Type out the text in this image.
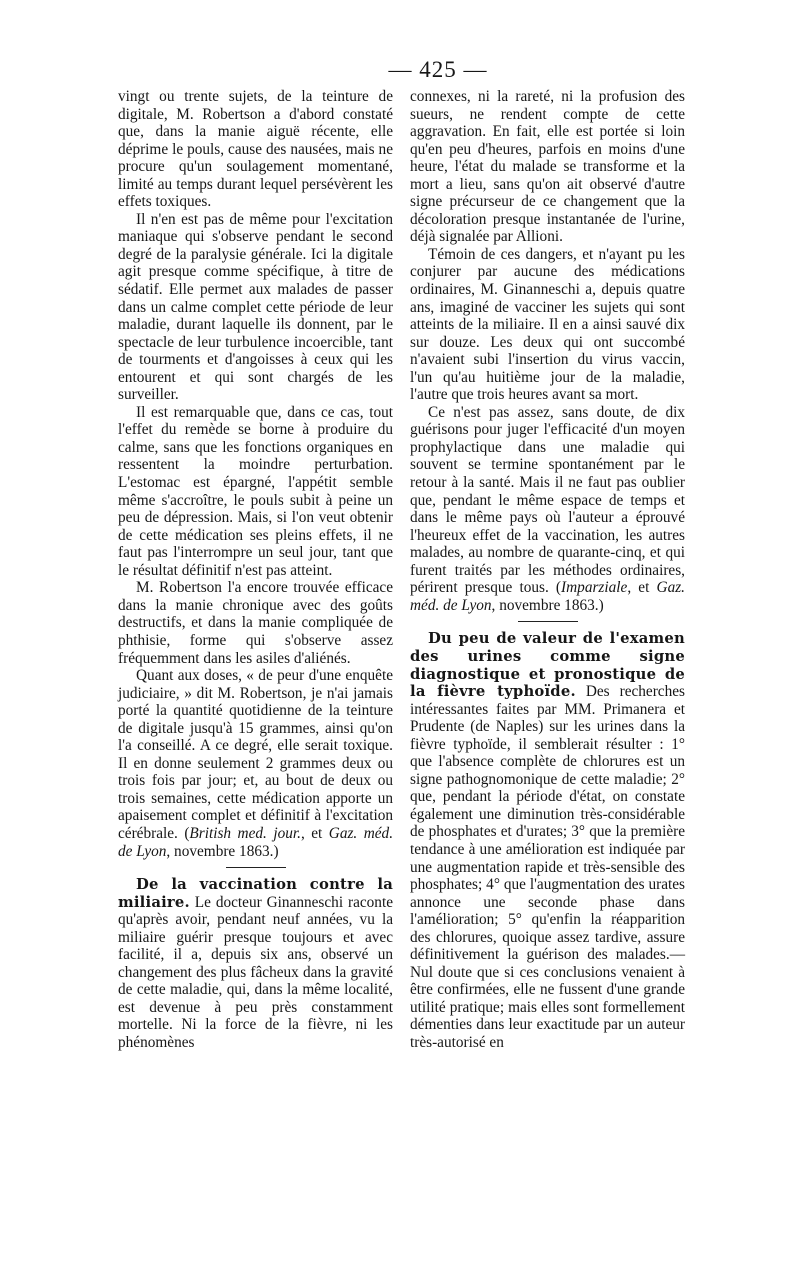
— 425 —

vingt ou trente sujets, de la teinture de digitale, M. Robertson a d'abord constaté que, dans la manie aiguë récente, elle déprime le pouls, cause des nausées, mais ne procure qu'un soulagement momentané, limité au temps durant lequel persévèrent les effets toxiques.

Il n'en est pas de même pour l'excitation maniaque qui s'observe pendant le second degré de la paralysie générale. Ici la digitale agit presque comme spécifique, à titre de sédatif. Elle permet aux malades de passer dans un calme complet cette période de leur maladie, durant laquelle ils donnent, par le spectacle de leur turbulence incoercible, tant de tourments et d'angoisses à ceux qui les entourent et qui sont chargés de les surveiller.

Il est remarquable que, dans ce cas, tout l'effet du remède se borne à produire du calme, sans que les fonctions organiques en ressentent la moindre perturbation. L'estomac est épargné, l'appétit semble même s'accroître, le pouls subit à peine un peu de dépression. Mais, si l'on veut obtenir de cette médication ses pleins effets, il ne faut pas l'interrompre un seul jour, tant que le résultat définitif n'est pas atteint.

M. Robertson l'a encore trouvée efficace dans la manie chronique avec des goûts destructifs, et dans la manie compliquée de phthisie, forme qui s'observe assez fréquemment dans les asiles d'aliénés.

Quant aux doses, « de peur d'une enquête judiciaire, » dit M. Robertson, je n'ai jamais porté la quantité quotidienne de la teinture de digitale jusqu'à 15 grammes, ainsi qu'on l'a conseillé. A ce degré, elle serait toxique. Il en donne seulement 2 grammes deux ou trois fois par jour; et, au bout de deux ou trois semaines, cette médication apporte un apaisement complet et définitif à l'excitation cérébrale. (British med. jour., et Gaz. méd. de Lyon, novembre 1863.)

De la vaccination contre la miliaire. Le docteur Ginanneschi raconte qu'après avoir, pendant neuf années, vu la miliaire guérir presque toujours et avec facilité, il a, depuis six ans, observé un changement des plus fâcheux dans la gravité de cette maladie, qui, dans la même localité, est devenue à peu près constamment mortelle. Ni la force de la fièvre, ni les phénomènes

connexes, ni la rareté, ni la profusion des sueurs, ne rendent compte de cette aggravation. En fait, elle est portée si loin qu'en peu d'heures, parfois en moins d'une heure, l'état du malade se transforme et la mort a lieu, sans qu'on ait observé d'autre signe précurseur de ce changement que la décoloration presque instantanée de l'urine, déjà signalée par Allioni.

Témoin de ces dangers, et n'ayant pu les conjurer par aucune des médications ordinaires, M. Ginanneschi a, depuis quatre ans, imaginé de vacciner les sujets qui sont atteints de la miliaire. Il en a ainsi sauvé dix sur douze. Les deux qui ont succombé n'avaient subi l'insertion du virus vaccin, l'un qu'au huitième jour de la maladie, l'autre que trois heures avant sa mort.

Ce n'est pas assez, sans doute, de dix guérisons pour juger l'efficacité d'un moyen prophylactique dans une maladie qui souvent se termine spontanément par le retour à la santé. Mais il ne faut pas oublier que, pendant le même espace de temps et dans le même pays où l'auteur a éprouvé l'heureux effet de la vaccination, les autres malades, au nombre de quarante-cinq, et qui furent traités par les méthodes ordinaires, périrent presque tous. (Imparziale, et Gaz. méd. de Lyon, novembre 1863.)

Du peu de valeur de l'examen des urines comme signe diagnostique et pronostique de la fièvre typhoïde. Des recherches intéressantes faites par MM. Primanera et Prudente (de Naples) sur les urines dans la fièvre typhoïde, il semblerait résulter : 1° que l'absence complète de chlorures est un signe pathognomonique de cette maladie; 2° que, pendant la période d'état, on constate également une diminution très-considérable de phosphates et d'urates; 3° que la première tendance à une amélioration est indiquée par une augmentation rapide et très-sensible des phosphates; 4° que l'augmentation des urates annonce une seconde phase dans l'amélioration; 5° qu'enfin la réapparition des chlorures, quoique assez tardive, assure définitivement la guérison des malades.— Nul doute que si ces conclusions venaient à être confirmées, elle ne fussent d'une grande utilité pratique; mais elles sont formellement démenties dans leur exactitude par un auteur très-autorisé en
